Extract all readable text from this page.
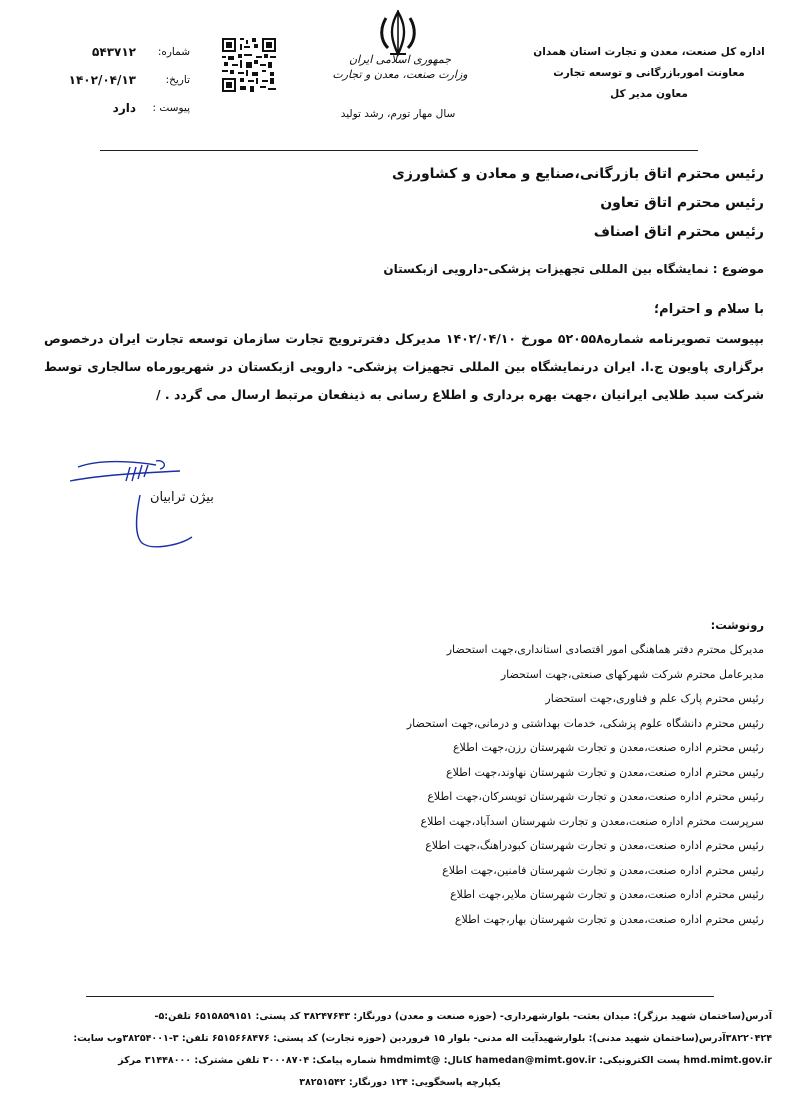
اداره کل صنعت، معدن و تجارت استان همدان
معاونت اموربازرگانی و توسعه تجارت
معاون مدیر کل
جمهوری اسلامی ایران
وزارت صنعت، معدن و تجارت
سال مهار تورم، رشد تولید
شماره:
۵۴۳۷۱۲
تاریخ:
۱۴۰۲/۰۴/۱۳
پیوست :
دارد
رئیس محترم اتاق بازرگانی،صنایع و معادن و کشاورزی
رئیس محترم اتاق تعاون
رئیس محترم اتاق اصناف
موضوع : نمایشگاه بین المللی تجهیزات پزشکی-دارویی ازبکستان
با سلام و احترام؛
بپیوست تصویرنامه شماره۵۲۰۵۵۸ مورخ ۱۴۰۲/۰۴/۱۰ مدیرکل دفترترویج تجارت سازمان توسعه تجارت ایران درخصوص برگزاری پاویون ج.ا. ایران درنمایشگاه بین المللی تجهیزات پزشکی- دارویی ازبکستان در شهریورماه سالجاری توسط شرکت سبد طلایی ایرانیان ،جهت بهره برداری و اطلاع رسانی به ذینفعان مرتبط ارسال می گردد . /
بیژن ترابیان
رونوشت:
مدیرکل محترم دفتر هماهنگی امور اقتصادی استانداری،جهت استحضار
مدیرعامل محترم شرکت شهرکهای صنعتی،جهت استحضار
رئیس محترم پارک علم و فناوری،جهت استحضار
رئیس محترم دانشگاه علوم پزشکی، خدمات بهداشتی و درمانی،جهت استحضار
رئیس محترم اداره صنعت،معدن و تجارت شهرستان رزن،جهت اطلاع
رئیس محترم اداره صنعت،معدن و تجارت شهرستان نهاوند،جهت اطلاع
رئیس محترم اداره صنعت،معدن و تجارت شهرستان تویسرکان،جهت اطلاع
سرپرست محترم اداره صنعت،معدن و تجارت شهرستان اسدآباد،جهت اطلاع
رئیس محترم اداره صنعت،معدن و تجارت شهرستان کبودراهنگ،جهت اطلاع
رئیس محترم اداره صنعت،معدن و تجارت شهرستان فامنین،جهت اطلاع
رئیس محترم اداره صنعت،معدن و تجارت شهرستان ملایر،جهت اطلاع
رئیس محترم اداره صنعت،معدن و تجارت شهرستان بهار،جهت اطلاع
آدرس(ساختمان شهید برزگر): میدان بعثت- بلوارشهرداری- (حوزه صنعت و معدن) دورنگار: ۳۸۲۴۷۶۴۳ کد پستی: ۶۵۱۵۸۵۹۱۵۱ تلفن:۵-
۳۸۲۲۰۴۲۴آدرس(ساختمان شهید مدنی): بلوارشهیدآیت اله مدنی- بلوار ۱۵ فروردین (حوزه تجارت) کد پستی: ۶۵۱۵۶۶۸۴۷۶ تلفن: ۳-۳۸۲۵۴۰۰۱وب سایت:
hmd.mimt.gov.ir پست الکترونیکی: hamedan@mimt.gov.ir کانال: @hmdmimt شماره پیامک: ۳۰۰۰۸۷۰۴ تلفن مشترک: ۳۱۴۴۸۰۰۰ مرکز
یکپارچه پاسخگویی: ۱۲۴ دورنگار: ۳۸۲۵۱۵۴۲
